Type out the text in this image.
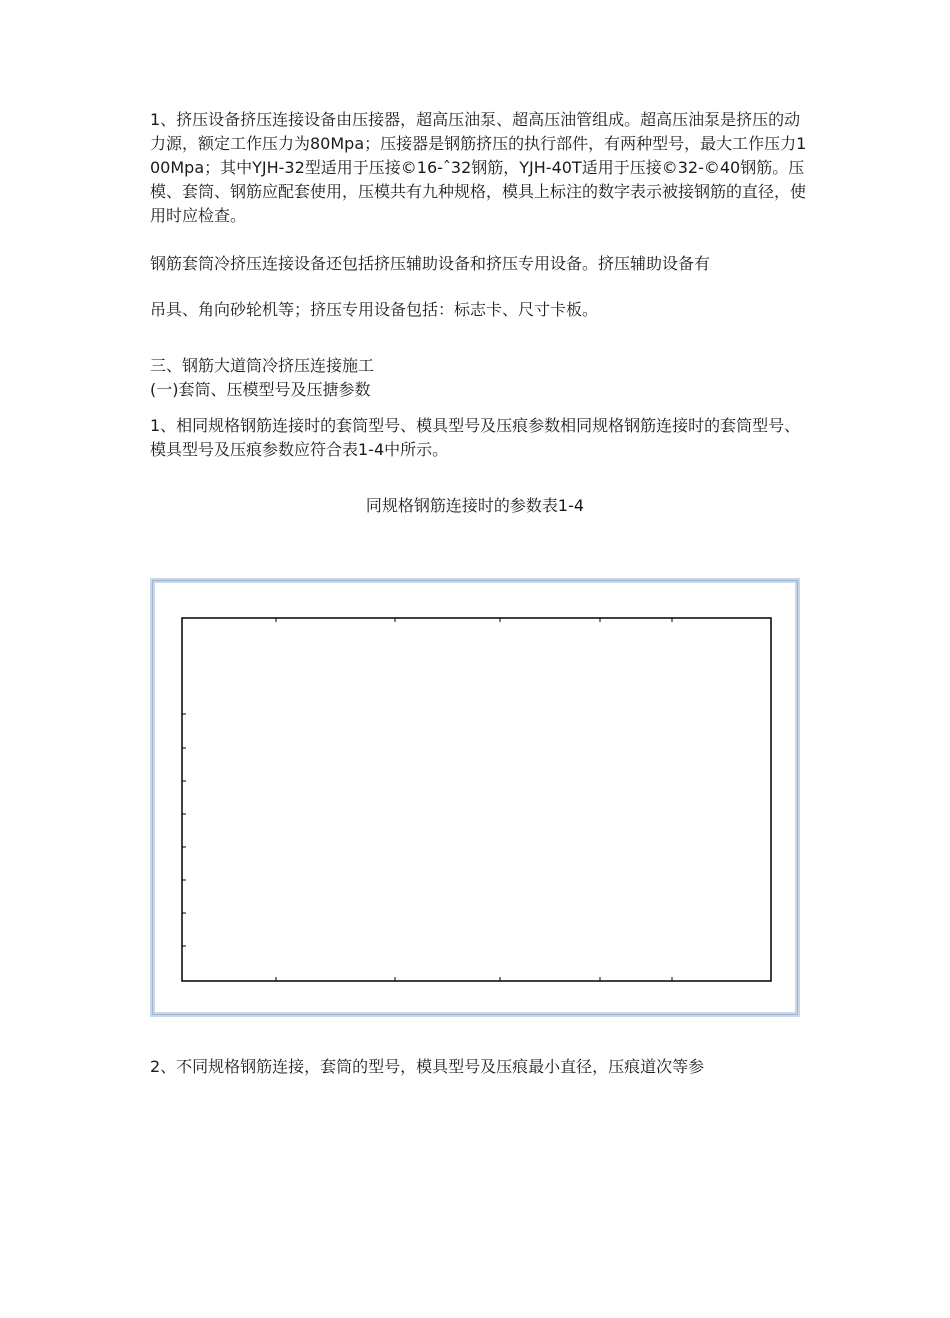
1、挤压设备挤压连接设备由压接器，超高压油泵、超高压油管组成。超高压油泵是挤压的动力源，额定工作压力为80Mpa；压接器是钢筋挤压的执行部件，有两种型号，最大工作压力100Mpa；其中YJH-32型适用于压接©16-ˆ32钢筋，YJH-40T适用于压接©32-©40钢筋。压模、套筒、钢筋应配套使用，压模共有九种规格，模具上标注的数字表示被接钢筋的直径，使用时应检查。

钢筋套筒冷挤压连接设备还包括挤压辅助设备和挤压专用设备。挤压辅助设备有

吊具、角向砂轮机等；挤压专用设备包括：标志卡、尺寸卡板。

三、钢筋大道筒冷挤压连接施工

(一)套筒、压模型号及压搪参数

1、相同规格钢筋连接时的套筒型号、模具型号及压痕参数相同规格钢筋连接时的套筒型号、模具型号及压痕参数应符合表1-4中所示。

同规格钢筋连接时的参数表1-4

2、不同规格钢筋连接，套筒的型号，模具型号及压痕最小直径，压痕道次等参
